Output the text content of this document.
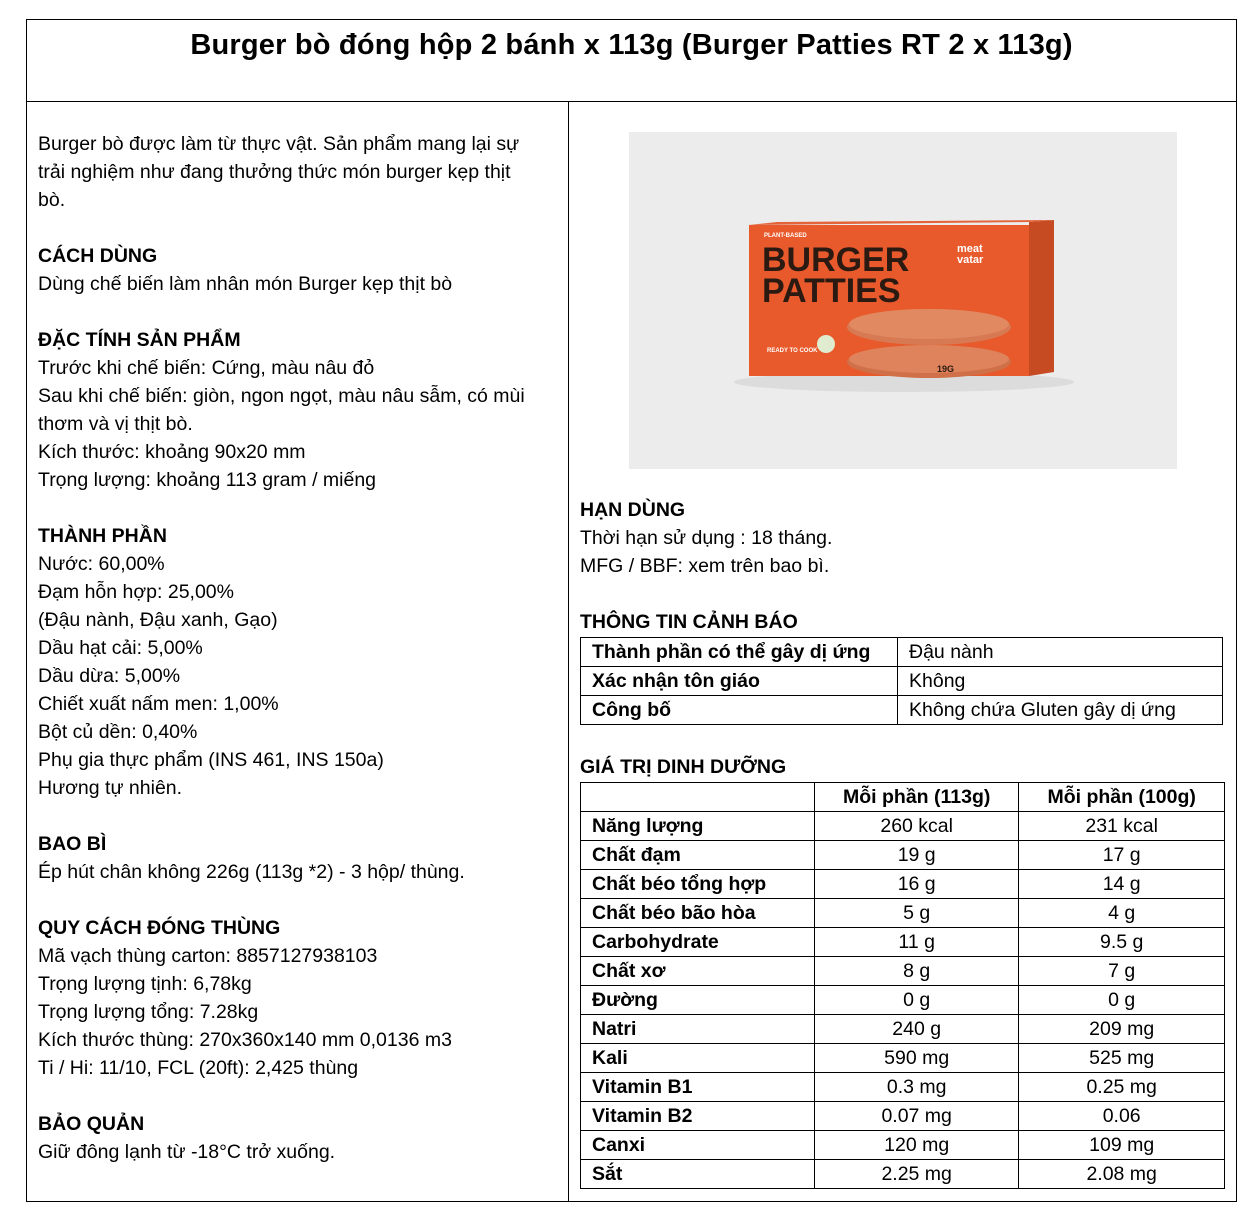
Burger bò đóng hộp 2 bánh x 113g (Burger Patties RT 2 x 113g)

Burger bò được làm từ thực vật. Sản phẩm mang lại sự

trải nghiệm như đang thưởng thức món burger kẹp thịt

bò.

CÁCH DÙNG

Dùng chế biến làm nhân món Burger kẹp thịt bò

ĐẶC TÍNH SẢN PHẨM

Trước khi chế biến: Cứng, màu nâu đỏ

Sau khi chế biến: giòn, ngon ngọt, màu nâu sẫm, có mùi

thơm và vị thịt bò.

Kích thước: khoảng 90x20 mm

Trọng lượng: khoảng 113 gram / miếng

THÀNH PHẦN

Nước: 60,00%

Đạm hỗn hợp: 25,00%

(Đậu nành, Đậu xanh, Gạo)

Dầu hạt cải: 5,00%

Dầu dừa: 5,00%

Chiết xuất nấm men: 1,00%

Bột củ dền: 0,40%

Phụ gia thực phẩm (INS 461, INS 150a)

Hương tự nhiên.

BAO BÌ

Ép hút chân không 226g (113g *2) - 3 hộp/ thùng.

QUY CÁCH ĐÓNG THÙNG

Mã vạch thùng carton: 8857127938103

Trọng lượng tịnh: 6,78kg

Trọng lượng tổng: 7.28kg

Kích thước thùng: 270x360x140 mm 0,0136 m3

Ti / Hi: 11/10, FCL (20ft): 2,425 thùng

BẢO QUẢN

Giữ đông lạnh từ -18°C trở xuống.

PLANT-BASED
BURGER
PATTIES
meat
vatar
READY TO COOK
19G

HẠN DÙNG

Thời hạn sử dụng : 18 tháng.

MFG / BBF: xem trên bao bì.

THÔNG TIN CẢNH BÁO

Thành phần có thể gây dị ứng	Đậu nành
Xác nhận tôn giáo	Không
Công bố	Không chứa Gluten gây dị ứng

GIÁ TRỊ DINH DƯỠNG

	Mỗi phần (113g)	Mỗi phần (100g)
Năng lượng	260 kcal	231 kcal
Chất đạm	19 g	17 g
Chất béo tổng hợp	16 g	14 g
Chất béo bão hòa	5 g	4 g
Carbohydrate	11 g	9.5 g
Chất xơ	8 g	7 g
Đường	0 g	0 g
Natri	240 g	209 mg
Kali	590 mg	525 mg
Vitamin B1	0.3 mg	0.25 mg
Vitamin B2	0.07 mg	0.06
Canxi	120 mg	109 mg
Sắt	2.25 mg	2.08 mg
